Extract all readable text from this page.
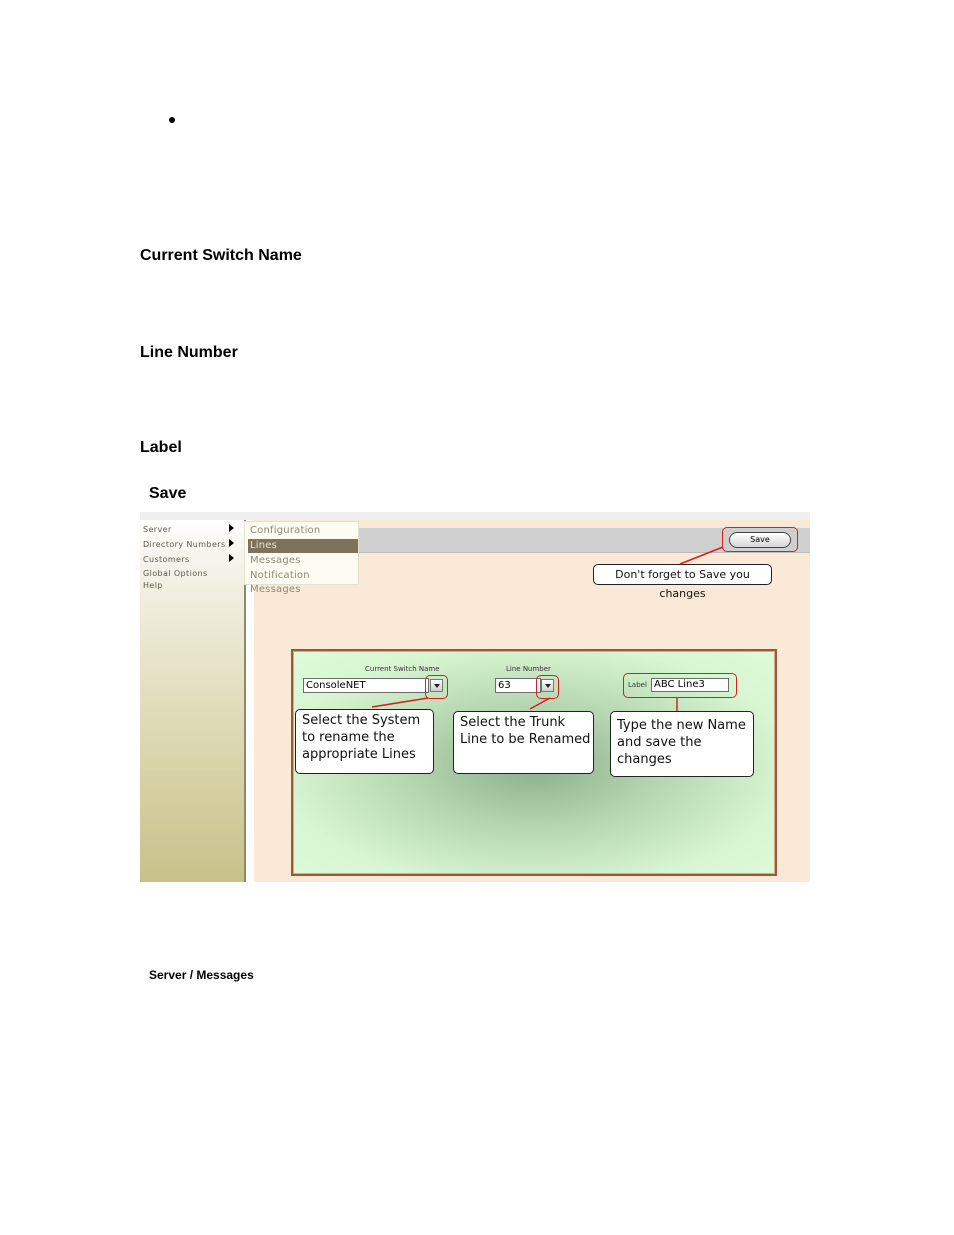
Current Switch Name
Line Number
Label
Save
Server
Directory Numbers
Customers
Global Options
Help
Configuration
Lines
Messages
Notification Messages
Save
Don't forget to Save you changes
Current Switch Name
ConsoleNET
Line Number
63	Label ABC Line3
Select the System to rename the appropriate Lines
Select the Trunk Line to be Renamed
Type the new Name and save the changes
Server / Messages
